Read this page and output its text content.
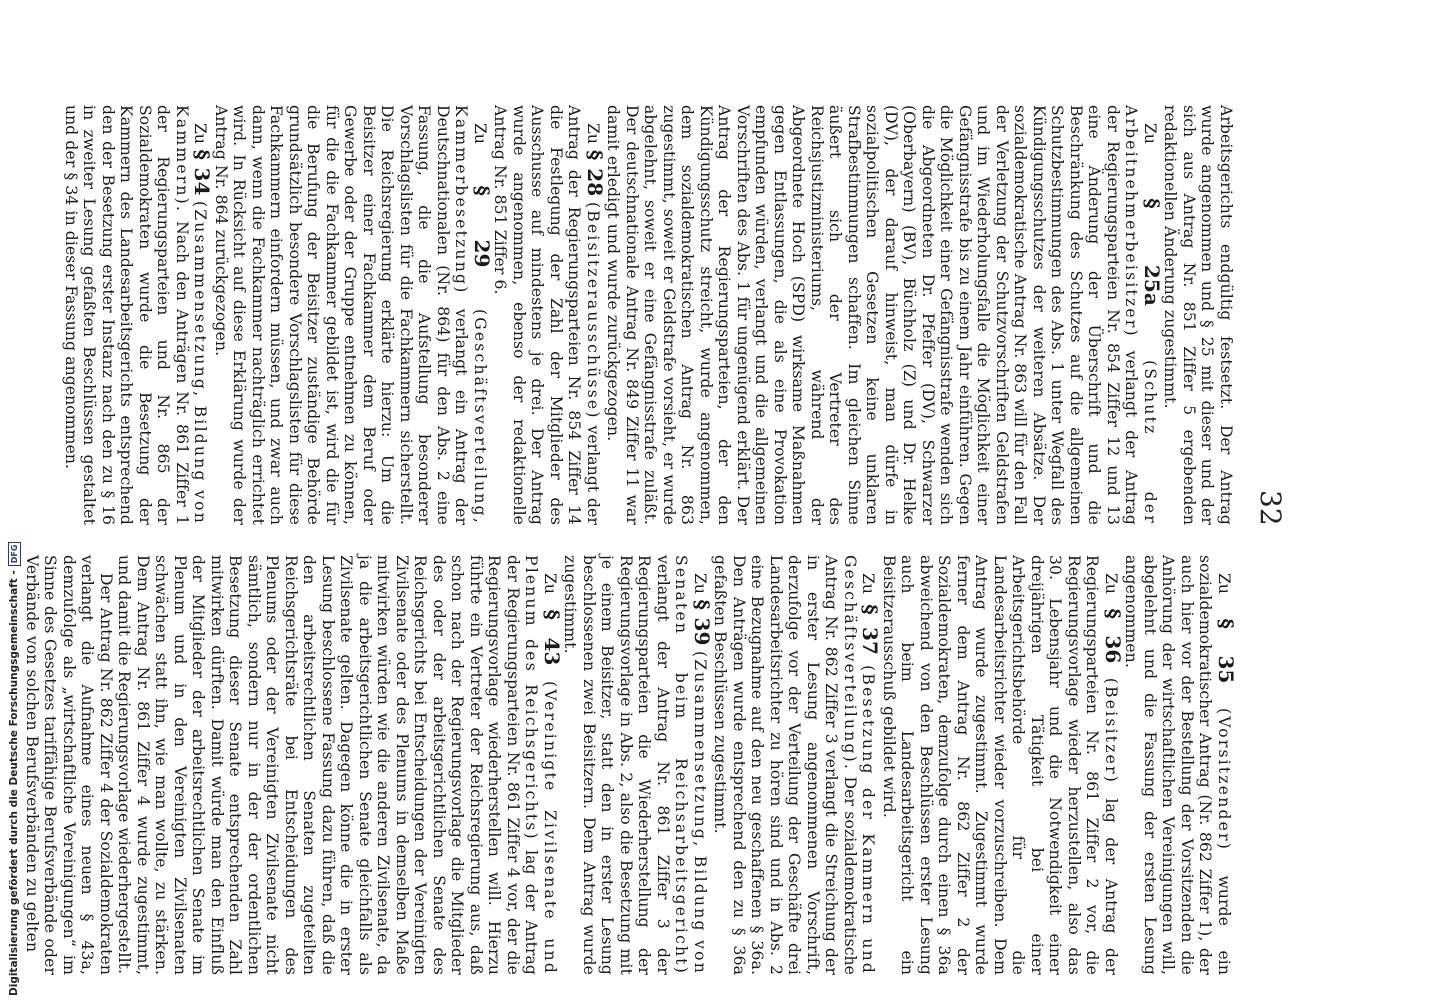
32

Arbeitsgerichts endgültig festsetzt. Der Antrag wurde angenommen und § 25 mit dieser und der sich aus Antrag Nr. 851 Ziffer 5 ergebenden redaktionellen Änderung zugestimmt.

Zu § 25a (Schutz der Arbeitnehmerbeisitzer) verlangt der Antrag der Regierungsparteien Nr. 854 Ziffer 12 und 13 eine Änderung der Überschrift und die Beschränkung des Schutzes auf die allgemeinen Schutzbestimmungen des Abs. 1 unter Wegfall des Kündigungsschutzes der weiteren Absätze. Der sozialdemokratische Antrag Nr. 863 will für den Fall der Verletzung der Schutzvorschriften Geldstrafen und im Wiederholungsfalle die Möglichkeit einer Gefängnisstrafe bis zu einem Jahr einführen. Gegen die Möglichkeit einer Gefängnisstrafe wenden sich die Abgeordneten Dr. Pfeffer (DV), Schwarzer (Oberbayern) (BV), Büchholz (Z) und Dr. Helke (DV), der darauf hinweist, man dürfe in sozialpolitischen Gesetzen keine unklaren Strafbestimmungen schaffen. Im gleichen Sinne äußert sich der Vertreter des Reichsjustizministeriums, während der Abgeordnete Hoch (SPD) wirksame Maßnahmen gegen Entlassungen, die als eine Provokation empfunden würden, verlangt und die allgemeinen Vorschriften des Abs. 1 für ungenügend erklärt. Der Antrag der Regierungsparteien, der den Kündigungsschutz streicht, wurde angenommen, dem sozialdemokratischen Antrag Nr. 863 zugestimmt, soweit er Geldstrafe vorsieht, er wurde abgelehnt, soweit er eine Gefängnisstrafe zuläßt. Der deutschnationale Antrag Nr. 849 Ziffer 11 war damit erledigt und wurde zurückgezogen.

Zu § 28 (Beisitzerausschüsse) verlangt der Antrag der Regierungsparteien Nr. 854 Ziffer 14 die Festlegung der Zahl der Mitglieder des Ausschusse auf mindestens je drei. Der Antrag wurde angenommen, ebenso der redaktionelle Antrag Nr. 851 Ziffer 6.

Zu § 29 (Geschäftsverteilung, Kammerbesetzung) verlangt ein Antrag der Deutschnationalen (Nr. 864) für den Abs. 2 eine Fassung, die die Aufstellung besonderer Vorschlagslisten für die Fachkammern sicherstellt. Die Reichsregierung erklärte hierzu: Um die Beisitzer einer Fachkammer dem Beruf oder Gewerbe oder der Gruppe entnehmen zu können, für die die Fachkammer gebildet ist, wird die für die Berufung der Beisitzer zuständige Behörde grundsätzlich besondere Vorschlagslisten für diese Fachkammern einfordern müssen, und zwar auch dann, wenn die Fachkammer nachträglich errichtet wird. In Rücksicht auf diese Erklärung wurde der Antrag Nr. 864 zurückgezogen.

Zu § 34 (Zusammensetzung, Bildung von Kammern). Nach den Anträgen Nr. 861 Ziffer 1 der Regierungsparteien und Nr. 865 der Sozialdemokraten wurde die Besetzung der Kammern des Landesarbeitsgerichts entsprechend den der Besetzung erster Instanz nach den zu § 16 in zweiter Lesung gefaßten Beschlüssen gestaltet und der § 34 in dieser Fassung angenommen.

Zu § 35 (Vorsitzender) wurde ein sozialdemokratischer Antrag (Nr. 862 Ziffer 1), der auch hier vor der Bestellung der Vorsitzenden die Anhörung der wirtschaftlichen Vereinigungen will, abgelehnt und die Fassung der ersten Lesung angenommen.

Zu § 36 (Beisitzer) lag der Antrag der Regierungsparteien Nr. 861 Ziffer 2 vor, die Regierungsvorlage wieder herzustellen, also das 30. Lebensjahr und die Notwendigkeit einer dreijährigen Tätigkeit bei einer Arbeitsgerichtsbehörde für die Landesarbeitsrichter wieder vorzuschreiben. Dem Antrag wurde zugestimmt. Zugestimmt wurde ferner dem Antrag Nr. 862 Ziffer 2 der Sozialdemokraten, demzufolge durch einen § 36a abweichend von den Beschlüssen erster Lesung auch beim Landesarbeitsgericht ein Beisitzerausschuß gebildet wird.

Zu § 37 (Besetzung der Kammern und Geschäftsverteilung). Der sozialdemokratische Antrag Nr. 862 Ziffer 3 verlangt die Streichung der in erster Lesung angenommenen Vorschrift, derzufolge vor der Verteilung der Geschäfte drei Landesarbeitsrichter zu hören sind und in Abs. 2 eine Bezugnahme auf den neu geschaffenen § 36a. Den Anträgen wurde entsprechend den zu § 36a gefaßten Beschlüssen zugestimmt.

Zu § 39 (Zusammensetzung, Bildung von Senaten beim Reichsarbeitsgericht) verlangt der Antrag Nr. 861 Ziffer 3 der Regierungsparteien die Wiederherstellung der Regierungsvorlage in Abs. 2, also die Besetzung mit je einem Beisitzer, statt den in erster Lesung beschlossenen zwei Beisitzern. Dem Antrag wurde zugestimmt.

Zu § 43 (Vereinigte Zivilsenate und Plenum des Reichsgerichts) lag der Antrag der Regierungsparteien Nr. 861 Ziffer 4 vor, der die Regierungsvorlage wiederherstellen will. Hierzu führte ein Vertreter der Reichsregierung aus, daß schon nach der Regierungsvorlage die Mitglieder des oder der arbeitsgerichtlichen Senate des Reichsgerichts bei Entscheidungen der Vereinigten Zivilsenate oder des Plenums in demselben Maße mitwirken würden wie die anderen Zivilsenate, da ja die arbeitsgerichtlichen Senate gleichfalls als Zivilsenate gelten. Dagegen könne die in erster Lesung beschlossene Fassung dazu führen, daß die den arbeitsrechtlichen Senaten zugeteilten Reichsgerichtsräte bei Entscheidungen des Plenums oder der Vereinigten Zivilsenate nicht sämtlich, sondern nur in der der ordentlichen Besetzung dieser Senate entsprechenden Zahl mitwirken dürften. Damit würde man den Einfluß der Mitglieder der arbeitsrechtlichen Senate im Plenum und in den Vereinigten Zivilsenaten schwächen statt ihn, wie man wollte, zu stärken. Dem Antrag Nr. 861 Ziffer 4 wurde zugestimmt, und damit die Regierungsvorlage wiederhergestellt.

Der Antrag Nr. 862 Ziffer 4 der Sozialdemokraten verlangt die Aufnahme eines neuen § 43a, demzufolge als „wirtschaftliche Vereinigungen“ im Sinne des Gesetzes tariffähige Berufsverbände oder Verbände von solchen Berufsverbänden zu gelten

Digitalisierung gefördert durch die Deutsche Forschungsgemeinschaft -
DFG
